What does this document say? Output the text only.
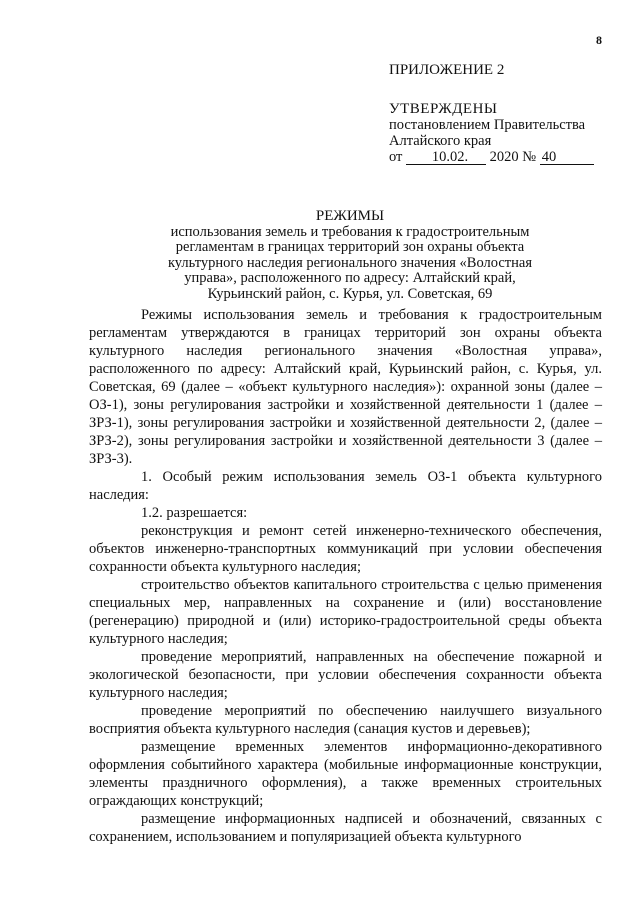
8
ПРИЛОЖЕНИЕ 2
УТВЕРЖДЕНЫ
постановлением Правительства
Алтайского края
от 10.02. 2020 № 40
РЕЖИМЫ
использования земель и требования к градостроительным
регламентам в границах территорий зон охраны объекта
культурного наследия регионального значения «Волостная
управа», расположенного по адресу: Алтайский край,
Курьинский район, с. Курья, ул. Советская, 69

Режимы использования земель и требования к градостроительным регламентам утверждаются в границах территорий зон охраны объекта культурного наследия регионального значения «Волостная управа», расположенного по адресу: Алтайский край, Курьинский район, с. Курья, ул. Советская, 69 (далее – «объект культурного наследия»): охранной зоны (далее – ОЗ-1), зоны регулирования застройки и хозяйственной деятельности 1 (далее – ЗРЗ-1), зоны регулирования застройки и хозяйственной деятельности 2, (далее – ЗРЗ-2), зоны регулирования застройки и хозяйственной деятельности 3 (далее – ЗРЗ-3).

1. Особый режим использования земель ОЗ-1 объекта культурного наследия:

1.2. разрешается:

реконструкция и ремонт сетей инженерно-технического обеспечения, объектов инженерно-транспортных коммуникаций при условии обеспечения сохранности объекта культурного наследия;

строительство объектов капитального строительства с целью применения специальных мер, направленных на сохранение и (или) восстановление (регенерацию) природной и (или) историко-градостроительной среды объекта культурного наследия;

проведение мероприятий, направленных на обеспечение пожарной и экологической безопасности, при условии обеспечения сохранности объекта культурного наследия;

проведение мероприятий по обеспечению наилучшего визуального восприятия объекта культурного наследия (санация кустов и деревьев);

размещение временных элементов информационно-декоративного оформления событийного характера (мобильные информационные конструкции, элементы праздничного оформления), а также временных строительных ограждающих конструкций;

размещение информационных надписей и обозначений, связанных с сохранением, использованием и популяризацией объекта культурного
